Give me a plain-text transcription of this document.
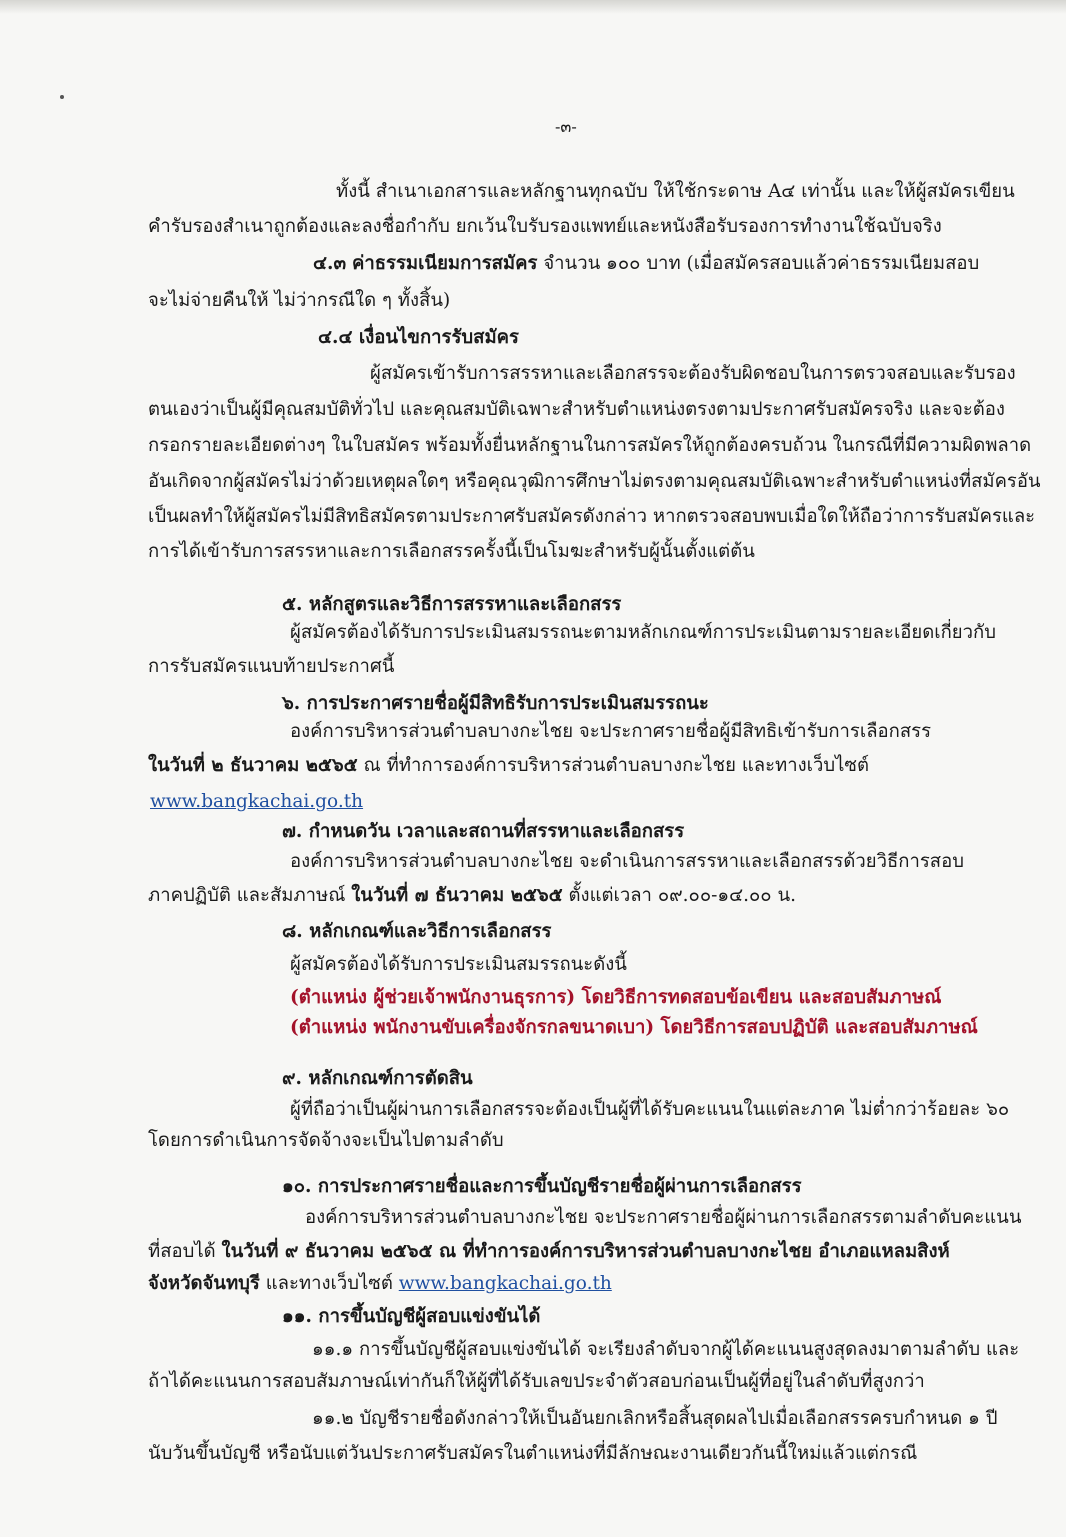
-๓-
ทั้งนี้ สำเนาเอกสารและหลักฐานทุกฉบับ ให้ใช้กระดาษ A๔ เท่านั้น และให้ผู้สมัครเขียน
คำรับรองสำเนาถูกต้องและลงชื่อกำกับ ยกเว้นใบรับรองแพทย์และหนังสือรับรองการทำงานใช้ฉบับจริง
๔.๓ ค่าธรรมเนียมการสมัคร จำนวน ๑๐๐ บาท (เมื่อสมัครสอบแล้วค่าธรรมเนียมสอบ
จะไม่จ่ายคืนให้ ไม่ว่ากรณีใด ๆ ทั้งสิ้น)
๔.๔ เงื่อนไขการรับสมัคร
ผู้สมัครเข้ารับการสรรหาและเลือกสรรจะต้องรับผิดชอบในการตรวจสอบและรับรอง
ตนเองว่าเป็นผู้มีคุณสมบัติทั่วไป และคุณสมบัติเฉพาะสำหรับตำแหน่งตรงตามประกาศรับสมัครจริง และจะต้อง
กรอกรายละเอียดต่างๆ ในใบสมัคร พร้อมทั้งยื่นหลักฐานในการสมัครให้ถูกต้องครบถ้วน ในกรณีที่มีความผิดพลาด
อันเกิดจากผู้สมัครไม่ว่าด้วยเหตุผลใดๆ หรือคุณวุฒิการศึกษาไม่ตรงตามคุณสมบัติเฉพาะสำหรับตำแหน่งที่สมัครอัน
เป็นผลทำให้ผู้สมัครไม่มีสิทธิสมัครตามประกาศรับสมัครดังกล่าว หากตรวจสอบพบเมื่อใดให้ถือว่าการรับสมัครและ
การได้เข้ารับการสรรหาและการเลือกสรรครั้งนี้เป็นโมฆะสำหรับผู้นั้นตั้งแต่ต้น
๕. หลักสูตรและวิธีการสรรหาและเลือกสรร
ผู้สมัครต้องได้รับการประเมินสมรรถนะตามหลักเกณฑ์การประเมินตามรายละเอียดเกี่ยวกับ
การรับสมัครแนบท้ายประกาศนี้
๖. การประกาศรายชื่อผู้มีสิทธิรับการประเมินสมรรถนะ
องค์การบริหารส่วนตำบลบางกะไชย จะประกาศรายชื่อผู้มีสิทธิเข้ารับการเลือกสรร
ในวันที่ ๒ ธันวาคม ๒๕๖๕ ณ ที่ทำการองค์การบริหารส่วนตำบลบางกะไชย และทางเว็บไซต์
www.bangkachai.go.th
๗. กำหนดวัน เวลาและสถานที่สรรหาและเลือกสรร
องค์การบริหารส่วนตำบลบางกะไชย จะดำเนินการสรรหาและเลือกสรรด้วยวิธีการสอบ
ภาคปฏิบัติ และสัมภาษณ์ ในวันที่ ๗ ธันวาคม ๒๕๖๕ ตั้งแต่เวลา ๐๙.๐๐-๑๔.๐๐ น.
๘. หลักเกณฑ์และวิธีการเลือกสรร
ผู้สมัครต้องได้รับการประเมินสมรรถนะดังนี้
(ตำแหน่ง ผู้ช่วยเจ้าพนักงานธุรการ) โดยวิธีการทดสอบข้อเขียน และสอบสัมภาษณ์
(ตำแหน่ง พนักงานขับเครื่องจักรกลขนาดเบา) โดยวิธีการสอบปฏิบัติ และสอบสัมภาษณ์
๙. หลักเกณฑ์การตัดสิน
ผู้ที่ถือว่าเป็นผู้ผ่านการเลือกสรรจะต้องเป็นผู้ที่ได้รับคะแนนในแต่ละภาค ไม่ต่ำกว่าร้อยละ ๖๐
โดยการดำเนินการจัดจ้างจะเป็นไปตามลำดับ
๑๐. การประกาศรายชื่อและการขึ้นบัญชีรายชื่อผู้ผ่านการเลือกสรร
องค์การบริหารส่วนตำบลบางกะไชย จะประกาศรายชื่อผู้ผ่านการเลือกสรรตามลำดับคะแนน
ที่สอบได้ ในวันที่ ๙ ธันวาคม ๒๕๖๕ ณ ที่ทำการองค์การบริหารส่วนตำบลบางกะไชย อำเภอแหลมสิงห์
จังหวัดจันทบุรี และทางเว็บไซต์ www.bangkachai.go.th
๑๑. การขึ้นบัญชีผู้สอบแข่งขันได้
๑๑.๑ การขึ้นบัญชีผู้สอบแข่งขันได้ จะเรียงลำดับจากผู้ได้คะแนนสูงสุดลงมาตามลำดับ และ
ถ้าได้คะแนนการสอบสัมภาษณ์เท่ากันก็ให้ผู้ที่ได้รับเลขประจำตัวสอบก่อนเป็นผู้ที่อยู่ในลำดับที่สูงกว่า
๑๑.๒ บัญชีรายชื่อดังกล่าวให้เป็นอันยกเลิกหรือสิ้นสุดผลไปเมื่อเลือกสรรครบกำหนด ๑ ปี
นับวันขึ้นบัญชี หรือนับแต่วันประกาศรับสมัครในตำแหน่งที่มีลักษณะงานเดียวกันนี้ใหม่แล้วแต่กรณี
